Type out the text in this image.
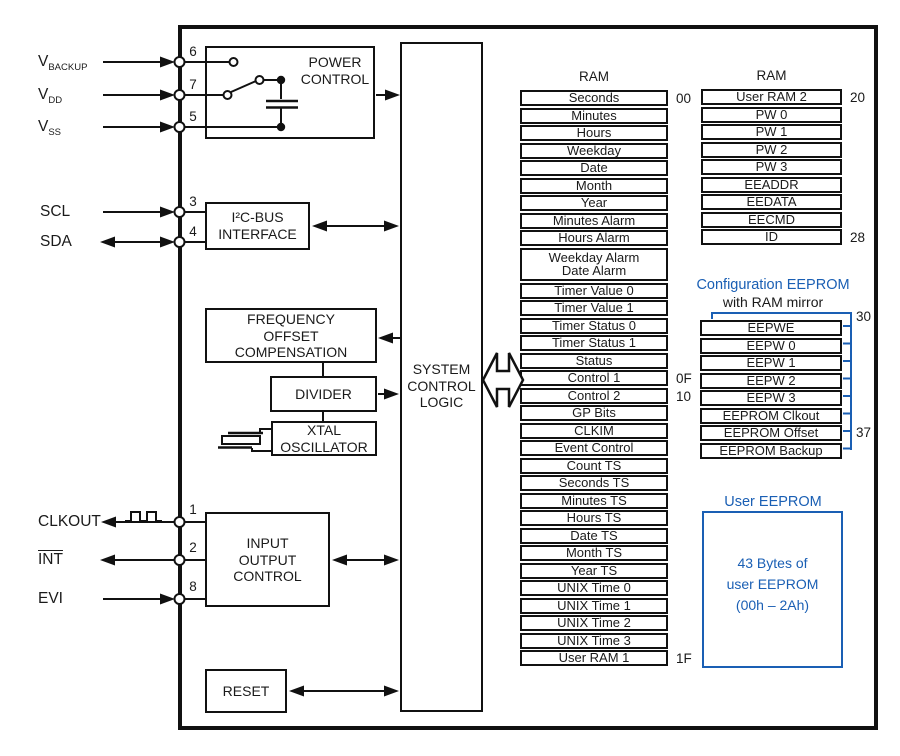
Seconds	00
Minutes
Hours
Weekday
Date
Month
Year
Minutes Alarm
Hours Alarm
Weekday Alarm
Date Alarm
Timer Value 0
Timer Value 1
Timer Status 0
Timer Status 1
Status
Control 1	0F
Control 2	10
GP Bits
CLKIM
Event Control
Count TS
Seconds TS
Minutes TS
Hours TS
Date TS
Month TS
Year TS
UNIX Time 0
UNIX Time 1
UNIX Time 2
UNIX Time 3
User RAM 1	1F
User RAM 2	20
PW 0
PW 1
PW 2
PW 3
EEADDR
EEDATA
EECMD
ID	28
EEPWE
EEPW 0
EEPW 1
EEPW 2
EEPW 3
EEPROM Clkout
EEPROM Offset
EEPROM Backup
POWER
CONTROL
I²C-BUS
INTERFACE
FREQUENCY
OFFSET
COMPENSATION
DIVIDER
XTAL
OSCILLATOR
INPUT
OUTPUT
CONTROL
RESET
SYSTEM
CONTROL
LOGIC
$V_{BACKUP}$
$V_{DD}$
$V_{SS}$
SCL
SDA
CLKOUT
$\overline{INT}$
EVI
6
7
5
3
4
1
2
8
RAM	RAM
Configuration EEPROM
with RAM mirror
30
37
User EEPROM
43 Bytes of
user EEPROM
(00h – 2Ah)
